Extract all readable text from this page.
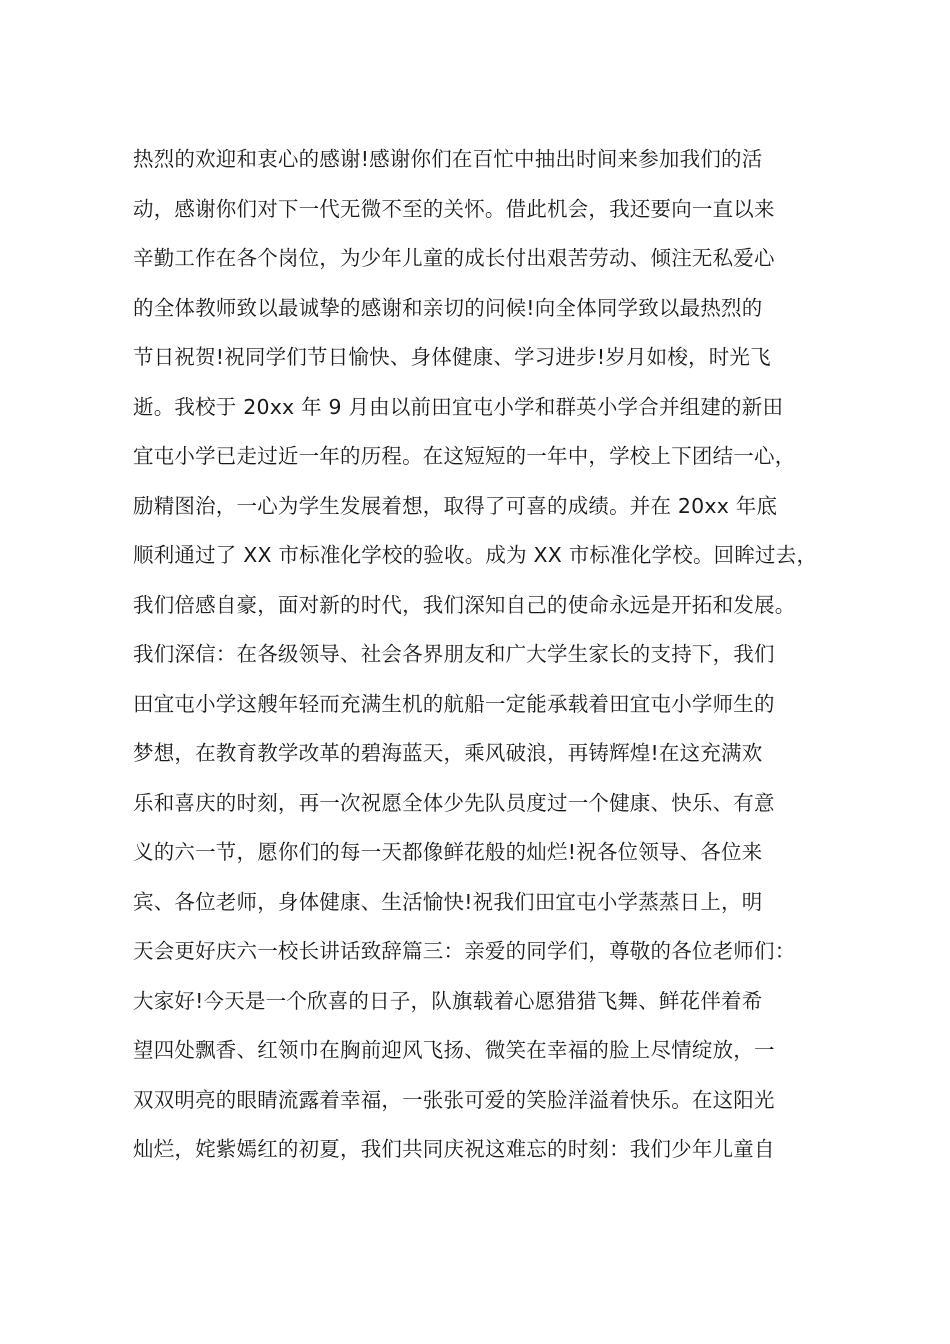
热烈的欢迎和衷心的感谢!感谢你们在百忙中抽出时间来参加我们的活
动，感谢你们对下一代无微不至的关怀。借此机会，我还要向一直以来
辛勤工作在各个岗位，为少年儿童的成长付出艰苦劳动、倾注无私爱心
的全体教师致以最诚挚的感谢和亲切的问候!向全体同学致以最热烈的
节日祝贺!祝同学们节日愉快、身体健康、学习进步!岁月如梭，时光飞
逝。我校于 20xx 年 9 月由以前田宜屯小学和群英小学合并组建的新田
宜屯小学已走过近一年的历程。在这短短的一年中，学校上下团结一心，
励精图治，一心为学生发展着想，取得了可喜的成绩。并在 20xx 年底
顺利通过了 XX 市标准化学校的验收。成为 XX 市标准化学校。回眸过去，
我们倍感自豪，面对新的时代，我们深知自己的使命永远是开拓和发展。
我们深信：在各级领导、社会各界朋友和广大学生家长的支持下，我们
田宜屯小学这艘年轻而充满生机的航船一定能承载着田宜屯小学师生的
梦想，在教育教学改革的碧海蓝天，乘风破浪，再铸辉煌!在这充满欢
乐和喜庆的时刻，再一次祝愿全体少先队员度过一个健康、快乐、有意
义的六一节，愿你们的每一天都像鲜花般的灿烂!祝各位领导、各位来
宾、各位老师，身体健康、生活愉快!祝我们田宜屯小学蒸蒸日上，明
天会更好庆六一校长讲话致辞篇三：亲爱的同学们，尊敬的各位老师们：
大家好!今天是一个欣喜的日子，队旗载着心愿猎猎飞舞、鲜花伴着希
望四处飘香、红领巾在胸前迎风飞扬、微笑在幸福的脸上尽情绽放，一
双双明亮的眼睛流露着幸福，一张张可爱的笑脸洋溢着快乐。在这阳光
灿烂，姹紫嫣红的初夏，我们共同庆祝这难忘的时刻：我们少年儿童自
